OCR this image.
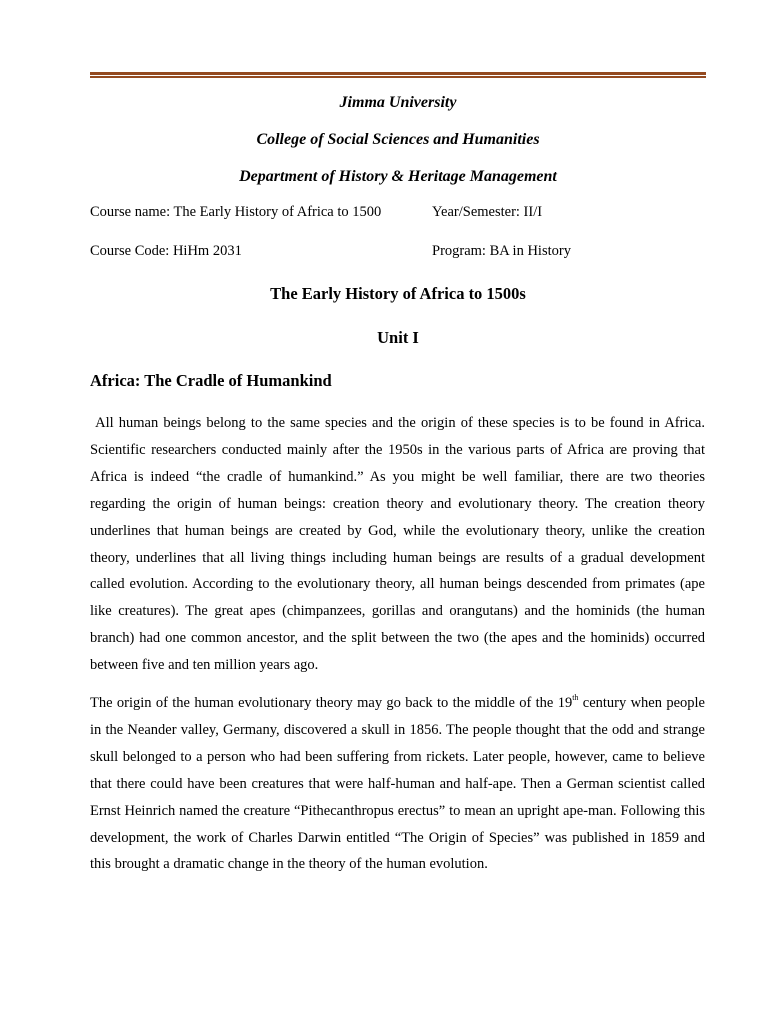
Jimma University
College of Social Sciences and Humanities
Department of History & Heritage Management
Course name: The Early History of Africa to 1500	Year/Semester: II/I
Course Code: HiHm 2031	Program: BA in History
The Early History of Africa to 1500s
Unit I
Africa: The Cradle of Humankind

All human beings belong to the same species and the origin of these species is to be found in Africa. Scientific researchers conducted mainly after the 1950s in the various parts of Africa are proving that Africa is indeed “the cradle of humankind.” As you might be well familiar, there are two theories regarding the origin of human beings: creation theory and evolutionary theory. The creation theory underlines that human beings are created by God, while the evolutionary theory, unlike the creation theory, underlines that all living things including human beings are results of a gradual development called evolution. According to the evolutionary theory, all human beings descended from primates (ape like creatures). The great apes (chimpanzees, gorillas and orangutans) and the hominids (the human branch) had one common ancestor, and the split between the two (the apes and the hominids) occurred between five and ten million years ago.

The origin of the human evolutionary theory may go back to the middle of the 19th century when people in the Neander valley, Germany, discovered a skull in 1856. The people thought that the odd and strange skull belonged to a person who had been suffering from rickets. Later people, however, came to believe that there could have been creatures that were half-human and half-ape. Then a German scientist called Ernst Heinrich named the creature “Pithecanthropus erectus” to mean an upright ape-man. Following this development, the work of Charles Darwin entitled “The Origin of Species” was published in 1859 and this brought a dramatic change in the theory of the human evolution.
